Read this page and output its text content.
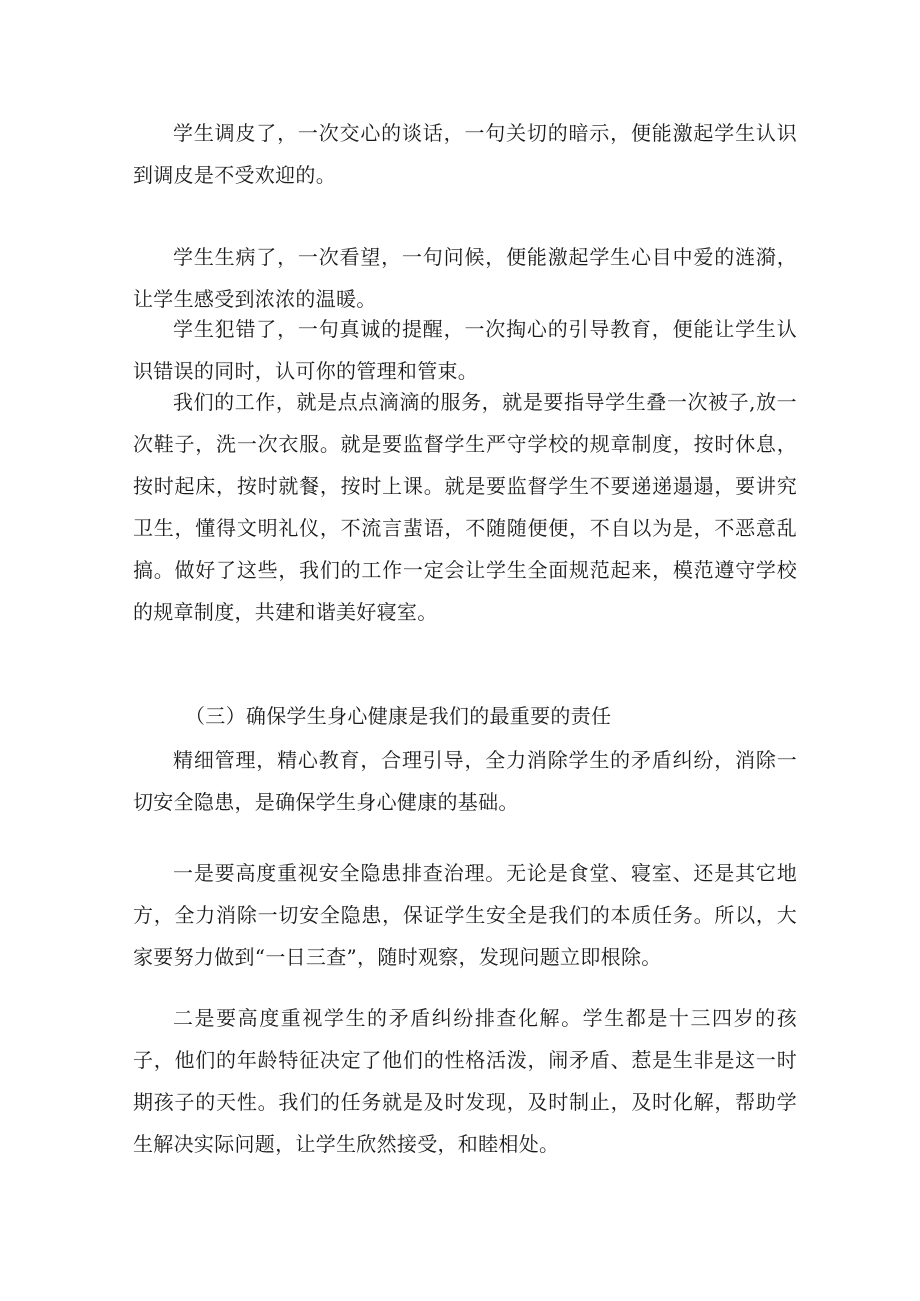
学生调皮了，一次交心的谈话，一句关切的暗示，便能激起学生认识到调皮是不受欢迎的。

学生生病了，一次看望，一句问候，便能激起学生心目中爱的涟漪，让学生感受到浓浓的温暖。

学生犯错了，一句真诚的提醒，一次掏心的引导教育，便能让学生认识错误的同时，认可你的管理和管束。

我们的工作，就是点点滴滴的服务，就是要指导学生叠一次被子,放一次鞋子，洗一次衣服。就是要监督学生严守学校的规章制度，按时休息，按时起床，按时就餐，按时上课。就是要监督学生不要递递遢遢，要讲究卫生，懂得文明礼仪，不流言蜚语，不随随便便，不自以为是，不恶意乱搞。做好了这些，我们的工作一定会让学生全面规范起来，模范遵守学校的规章制度，共建和谐美好寝室。

（三）确保学生身心健康是我们的最重要的责任

精细管理，精心教育，合理引导，全力消除学生的矛盾纠纷，消除一切安全隐患，是确保学生身心健康的基础。

一是要高度重视安全隐患排查治理。无论是食堂、寝室、还是其它地方，全力消除一切安全隐患，保证学生安全是我们的本质任务。所以，大家要努力做到“一日三查”，随时观察，发现问题立即根除。

二是要高度重视学生的矛盾纠纷排查化解。学生都是十三四岁的孩子，他们的年龄特征决定了他们的性格活泼，闹矛盾、惹是生非是这一时期孩子的天性。我们的任务就是及时发现，及时制止，及时化解，帮助学生解决实际问题，让学生欣然接受，和睦相处。
